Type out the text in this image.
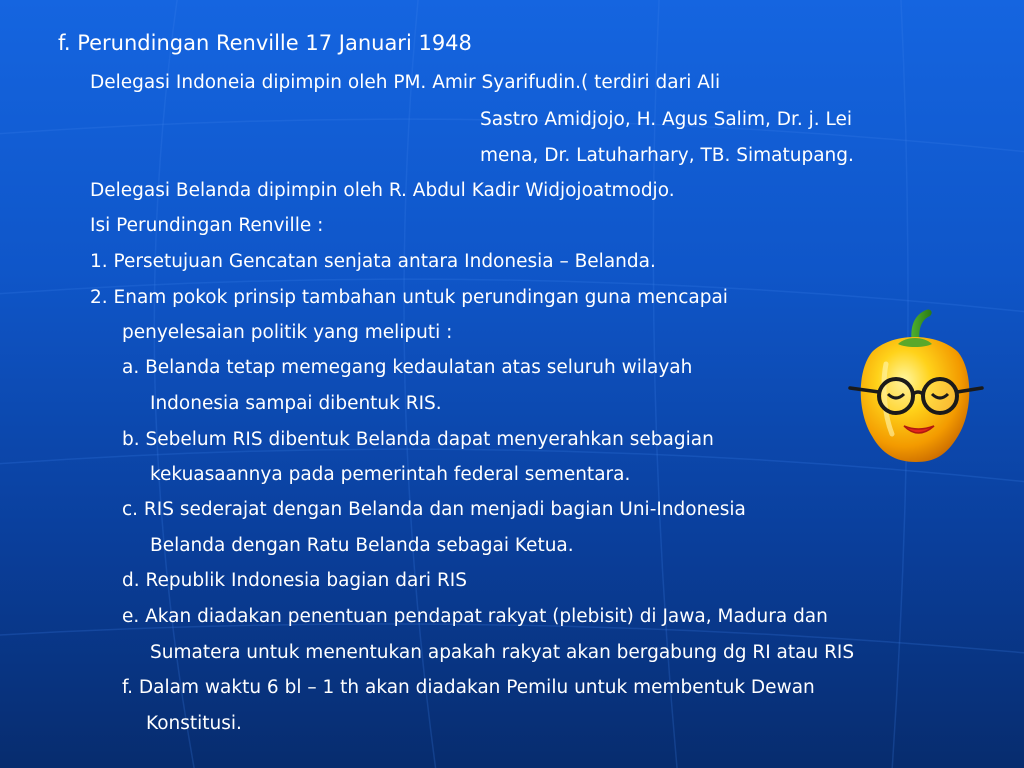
f. Perundingan Renville 17 Januari 1948
Delegasi Indoneia dipimpin oleh PM. Amir Syarifudin.( terdiri dari Ali
Sastro Amidjojo, H. Agus Salim, Dr. j. Lei
mena, Dr. Latuharhary, TB. Simatupang.
Delegasi Belanda dipimpin oleh R. Abdul Kadir Widjojoatmodjo.
Isi Perundingan Renville :
1. Persetujuan Gencatan senjata antara Indonesia – Belanda.
2. Enam pokok prinsip tambahan untuk perundingan guna mencapai
penyelesaian politik yang meliputi :
a. Belanda tetap memegang kedaulatan atas seluruh wilayah
Indonesia sampai dibentuk RIS.
b. Sebelum RIS dibentuk Belanda dapat menyerahkan sebagian
kekuasaannya pada pemerintah federal sementara.
c. RIS sederajat dengan Belanda dan menjadi bagian Uni-Indonesia
Belanda dengan Ratu Belanda sebagai Ketua.
d. Republik Indonesia bagian dari RIS
e. Akan diadakan penentuan pendapat rakyat (plebisit) di Jawa, Madura dan
Sumatera untuk menentukan apakah rakyat akan bergabung dg RI atau RIS
f. Dalam waktu 6 bl – 1 th akan diadakan Pemilu untuk membentuk Dewan
Konstitusi.
